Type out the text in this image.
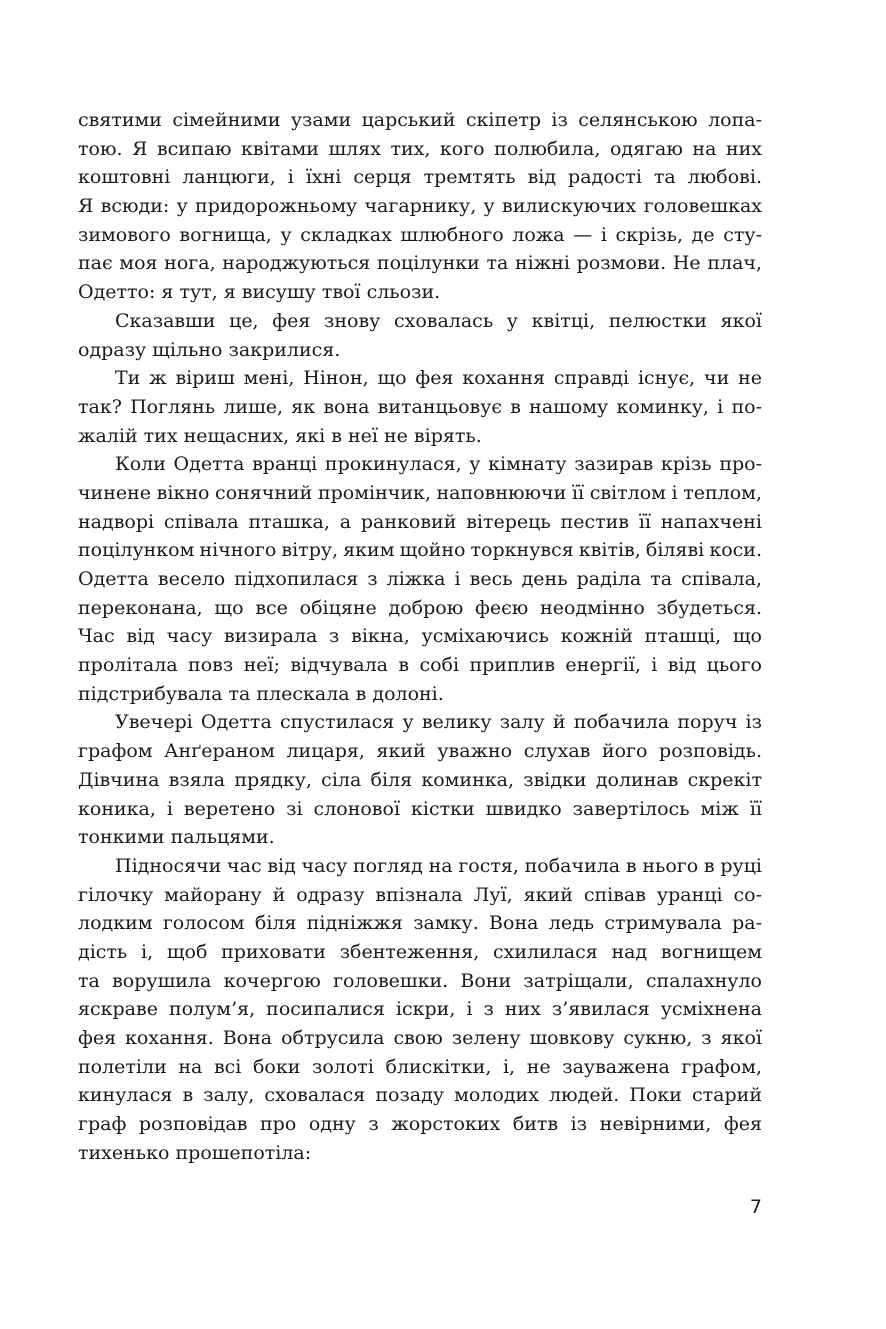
святими сімейними узами царський скіпетр із селянською лопа-
тою. Я всипаю квітами шлях тих, кого полюбила, одягаю на них
коштовні ланцюги, і їхні серця тремтять від радості та любові.
Я всюди: у придорожньому чагарнику, у вилискуючих головешках
зимового вогнища, у складках шлюбного ложа — і скрізь, де сту-
пає моя нога, народжуються поцілунки та ніжні розмови. Не плач,
Одетто: я тут, я висушу твої сльози.

Сказавши це, фея знову сховалась у квітці, пелюстки якої
одразу щільно закрилися.

Ти ж віриш мені, Нінон, що фея кохання справді існує, чи не
так? Поглянь лише, як вона витанцьовує в нашому коминку, і по-
жалій тих нещасних, які в неї не вірять.

Коли Одетта вранці прокинулася, у кімнату зазирав крізь про-
чинене вікно сонячний промінчик, наповнюючи її світлом і теплом,
надворі співала пташка, а ранковий вітерець пестив її напахчені
поцілунком нічного вітру, яким щойно торкнувся квітів, біляві коси.
Одетта весело підхопилася з ліжка і весь день раділа та співала,
переконана, що все обіцяне доброю феєю неодмінно збудеться.
Час від часу визирала з вікна, усміхаючись кожній пташці, що
пролітала повз неї; відчувала в собі приплив енергії, і від цього
підстрибувала та плескала в долоні.

Увечері Одетта спустилася у велику залу й побачила поруч із
графом Анґераном лицаря, який уважно слухав його розповідь.
Дівчина взяла прядку, сіла біля коминка, звідки долинав скрекіт
коника, і веретено зі слонової кістки швидко завертілось між її
тонкими пальцями.

Підносячи час від часу погляд на гостя, побачила в нього в руці
гілочку майорану й одразу впізнала Луї, який співав уранці со-
лодким голосом біля підніжжя замку. Вона ледь стримувала ра-
дість і, щоб приховати збентеження, схилилася над вогнищем
та ворушила кочергою головешки. Вони затріщали, спалахнуло
яскраве полум’я, посипалися іскри, і з них з’явилася усміхнена
фея кохання. Вона обтрусила свою зелену шовкову сукню, з якої
полетіли на всі боки золоті блискітки, і, не зауважена графом,
кинулася в залу, сховалася позаду молодих людей. Поки старий
граф розповідав про одну з жорстоких битв із невірними, фея
тихенько прошепотіла:

7
